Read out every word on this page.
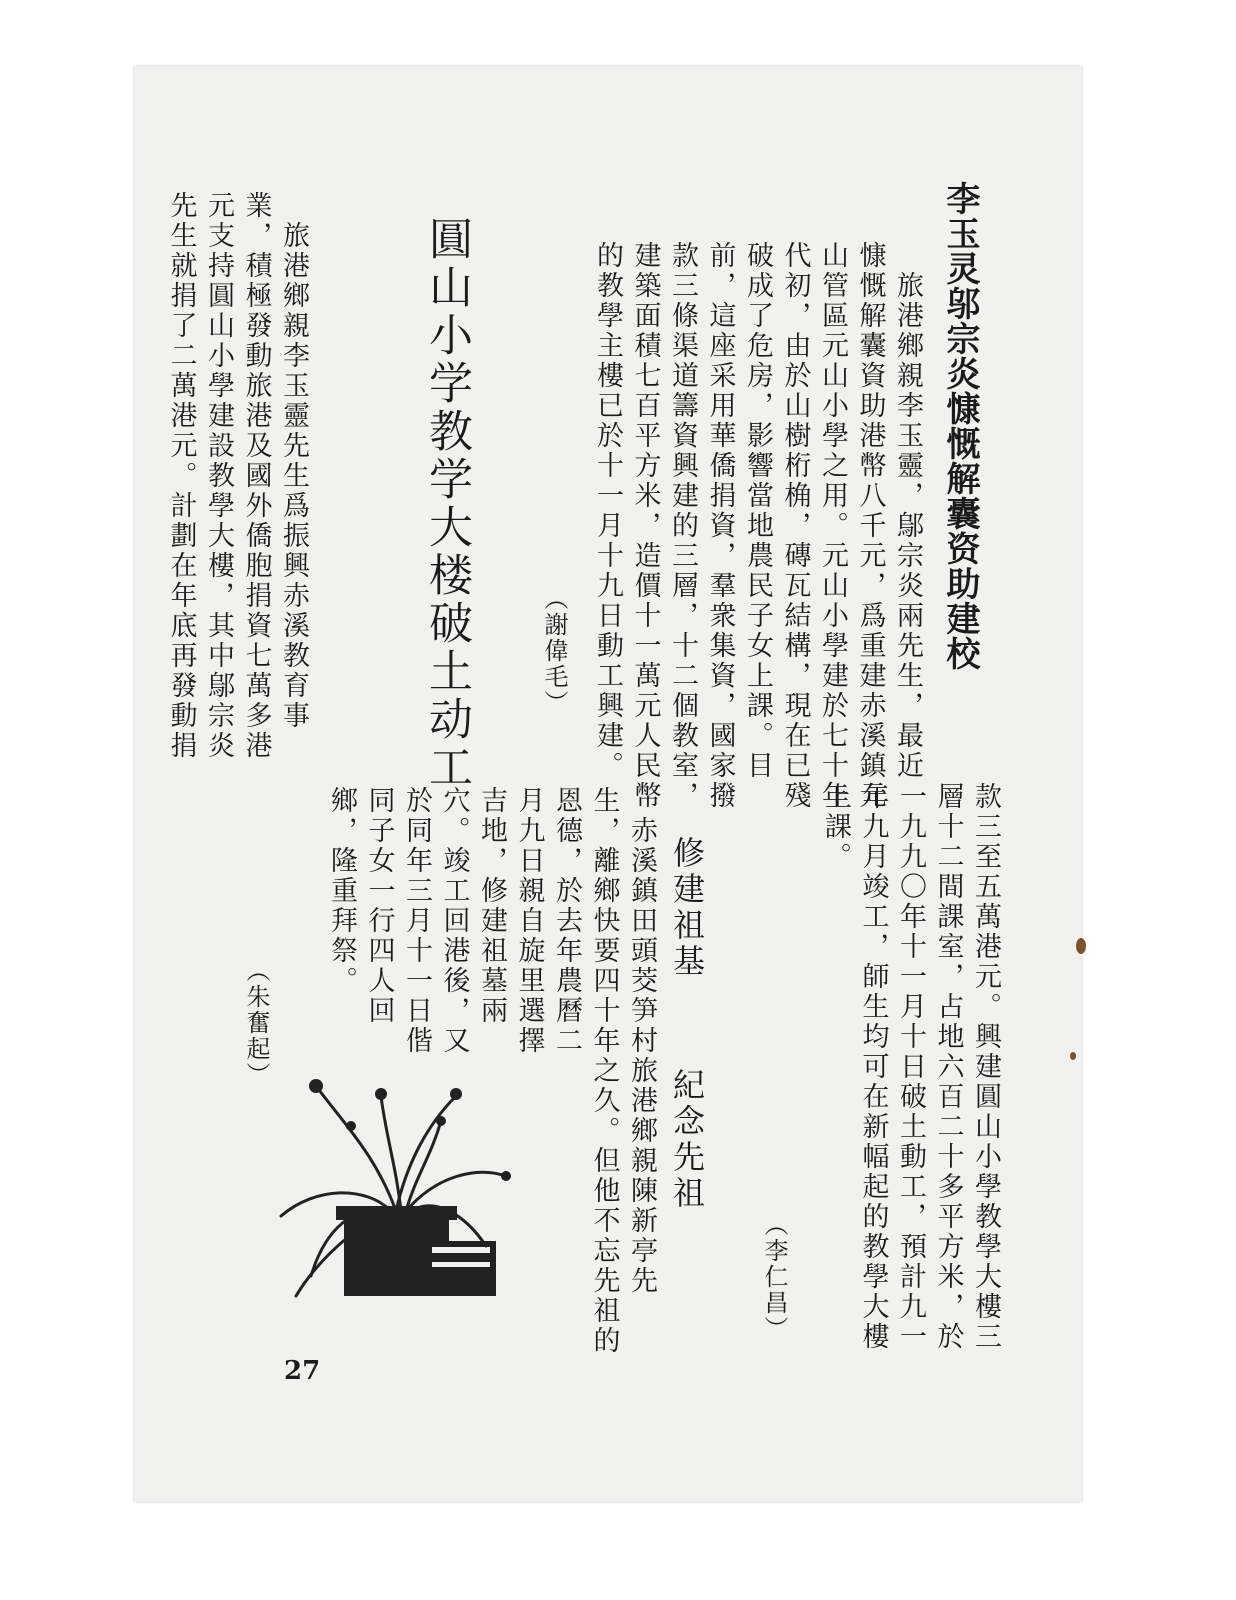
李玉灵邬宗炎慷慨解囊资助建校
　旅港鄉親李玉靈，鄔宗炎兩先生，最近
慷慨解囊資助港幣八千元，爲重建赤溪鎮元
山管區元山小學之用。元山小學建於七十年
代初，由於山樹桁桷，磚瓦結構，現在已殘
破成了危房，影響當地農民子女上課。目
前，這座采用華僑捐資，羣衆集資，國家撥
款三條渠道籌資興建的三層，十二個教室，
建築面積七百平方米，造價十一萬元人民幣
的教學主樓已於十一月十九日動工興建。
（謝偉毛）
圓山小学教学大楼破土动工
　旅港鄉親李玉靈先生爲振興赤溪教育事
業，積極發動旅港及國外僑胞捐資七萬多港
元支持圓山小學建設教學大樓，其中鄔宗炎
先生就捐了二萬港元。計劃在年底再發動捐
款三至五萬港元。興建圓山小學教學大樓三
層十二間課室，占地六百二十多平方米，於
一九九〇年十一月十日破土動工，預計九一
年九月竣工，師生均可在新幅起的教學大樓
上課。
（李仁昌）
修建祖基
紀念先祖
　赤溪鎮田頭茭笋村旅港鄉親陳新亭先
生，離鄉快要四十年之久。但他不忘先祖的
恩德，於去年農曆二
月九日親自旋里選擇
吉地，修建祖墓兩
穴。竣工回港後，又
於同年三月十一日偕
同子女一行四人回
鄉，隆重拜祭。
（朱奮起）
27
